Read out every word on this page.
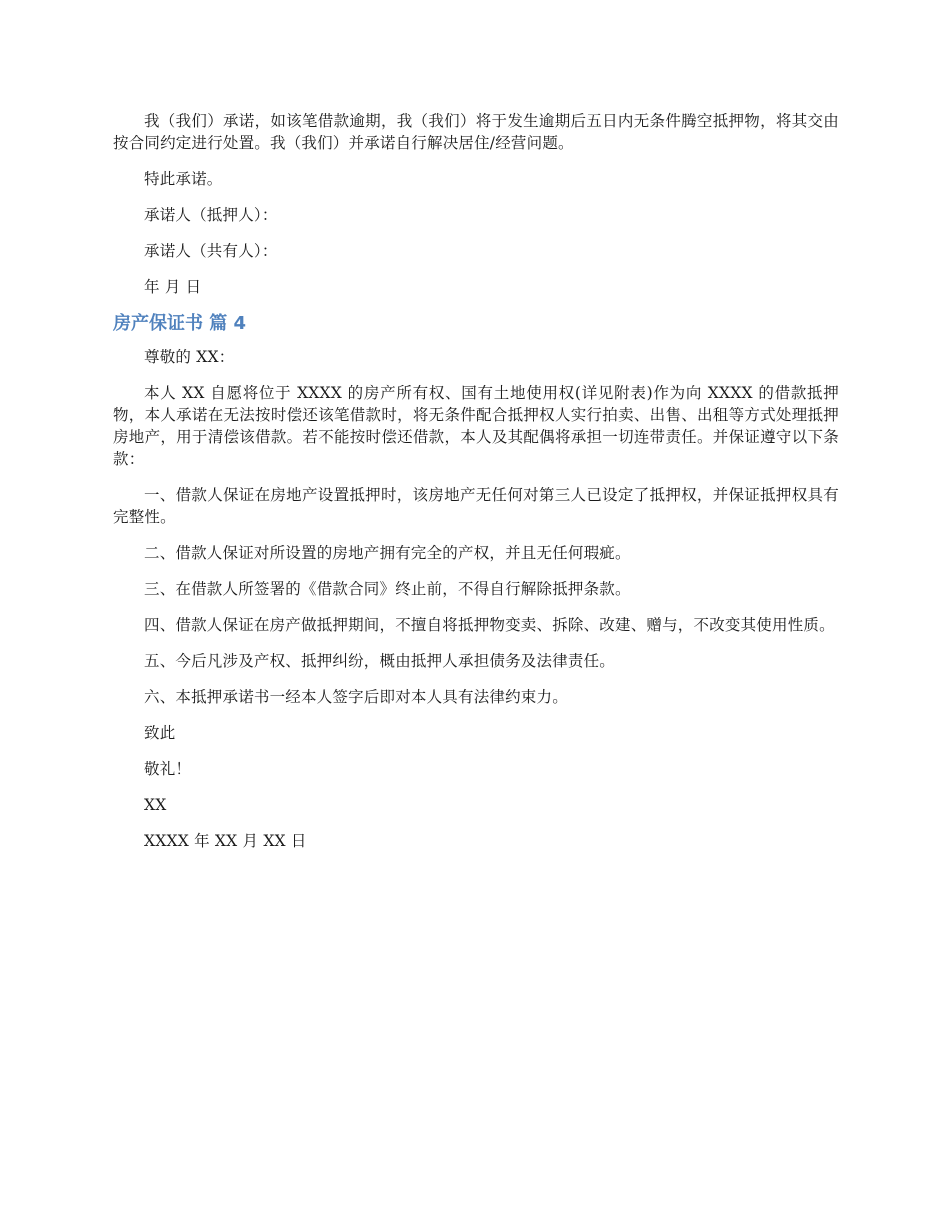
我（我们）承诺，如该笔借款逾期，我（我们）将于发生逾期后五日内无条件腾空抵押物，将其交由 按合同约定进行处置。我（我们）并承诺自行解决居住/经营问题。

特此承诺。

承诺人（抵押人）：

承诺人（共有人）：

年 月 日

房产保证书 篇 4

尊敬的 XX：

本人 XX 自愿将位于 XXXX 的房产所有权、国有土地使用权(详见附表)作为向 XXXX 的借款抵押物，本人承诺在无法按时偿还该笔借款时，将无条件配合抵押权人实行拍卖、出售、出租等方式处理抵押房地产，用于清偿该借款。若不能按时偿还借款，本人及其配偶将承担一切连带责任。并保证遵守以下条款：

一、借款人保证在房地产设置抵押时，该房地产无任何对第三人已设定了抵押权，并保证抵押权具有完整性。

二、借款人保证对所设置的房地产拥有完全的产权，并且无任何瑕疵。

三、在借款人所签署的《借款合同》终止前，不得自行解除抵押条款。

四、借款人保证在房产做抵押期间，不擅自将抵押物变卖、拆除、改建、赠与，不改变其使用性质。

五、今后凡涉及产权、抵押纠纷，概由抵押人承担债务及法律责任。

六、本抵押承诺书一经本人签字后即对本人具有法律约束力。

致此

敬礼！

XX

XXXX 年 XX 月 XX 日
